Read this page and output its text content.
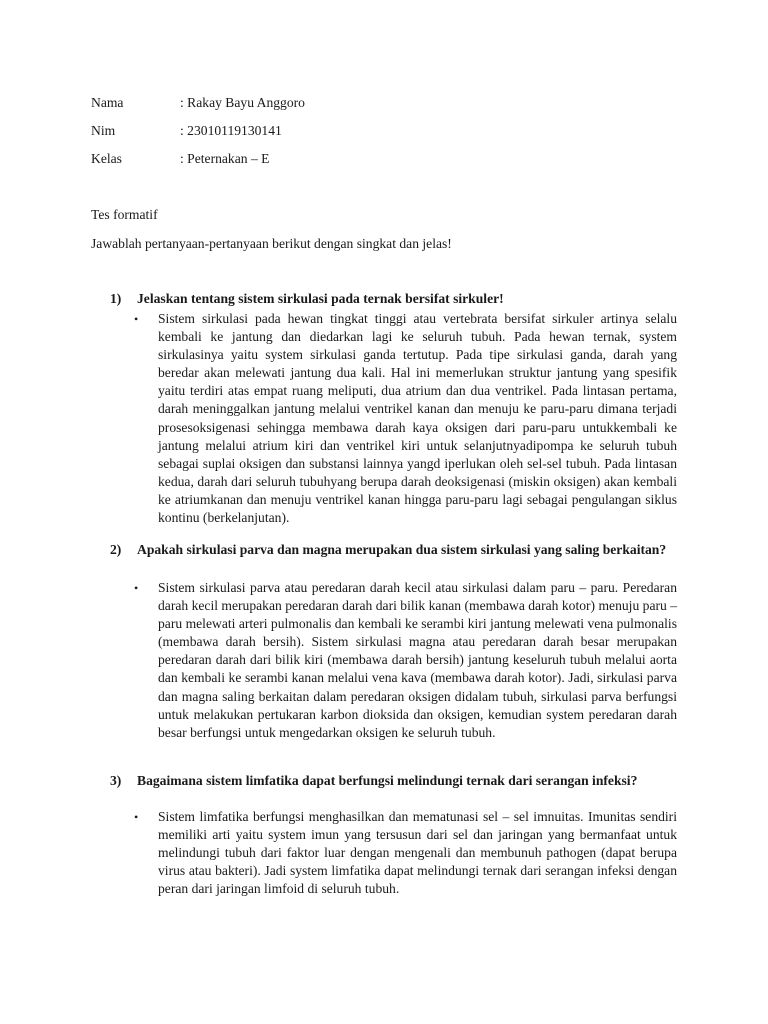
Nama	: Rakay Bayu Anggoro
Nim	: 23010119130141
Kelas	: Peternakan – E
Tes formatif
Jawablah pertanyaan-pertanyaan berikut dengan singkat dan jelas!
1) Jelaskan tentang sistem sirkulasi pada ternak bersifat sirkuler!
• Sistem sirkulasi pada hewan tingkat tinggi atau vertebrata bersifat sirkuler artinya selalu kembali ke jantung dan diedarkan lagi ke seluruh tubuh. Pada hewan ternak, system sirkulasinya yaitu system sirkulasi ganda tertutup. Pada tipe sirkulasi ganda, darah yang beredar akan melewati jantung dua kali. Hal ini memerlukan struktur jantung yang spesifik yaitu terdiri atas empat ruang meliputi, dua atrium dan dua ventrikel. Pada lintasan pertama, darah meninggalkan jantung melalui ventrikel kanan dan menuju ke paru-paru dimana terjadi prosesoksigenasi sehingga membawa darah kaya oksigen dari paru-paru untukkembali ke jantung melalui atrium kiri dan ventrikel kiri untuk selanjutnyadipompa ke seluruh tubuh sebagai suplai oksigen dan substansi lainnya yangd iperlukan oleh sel-sel tubuh. Pada lintasan kedua, darah dari seluruh tubuhyang berupa darah deoksigenasi (miskin oksigen) akan kembali ke atriumkanan dan menuju ventrikel kanan hingga paru-paru lagi sebagai pengulangan siklus kontinu (berkelanjutan).
2) Apakah sirkulasi parva dan magna merupakan dua sistem sirkulasi yang saling berkaitan?
• Sistem sirkulasi parva atau peredaran darah kecil atau sirkulasi dalam paru – paru. Peredaran darah kecil merupakan peredaran darah dari bilik kanan (membawa darah kotor) menuju paru – paru melewati arteri pulmonalis dan kembali ke serambi kiri jantung melewati vena pulmonalis (membawa darah bersih). Sistem sirkulasi magna atau peredaran darah besar merupakan peredaran darah dari bilik kiri (membawa darah bersih) jantung keseluruh tubuh melalui aorta dan kembali ke serambi kanan melalui vena kava (membawa darah kotor). Jadi, sirkulasi parva dan magna saling berkaitan dalam peredaran oksigen didalam tubuh, sirkulasi parva berfungsi untuk melakukan pertukaran karbon dioksida dan oksigen, kemudian system peredaran darah besar berfungsi untuk mengedarkan oksigen ke seluruh tubuh.
3) Bagaimana sistem limfatika dapat berfungsi melindungi ternak dari serangan infeksi?
• Sistem limfatika berfungsi menghasilkan dan mematunasi sel – sel imnuitas. Imunitas sendiri memiliki arti yaitu system imun yang tersusun dari sel dan jaringan yang bermanfaat untuk melindungi tubuh dari faktor luar dengan mengenali dan membunuh pathogen (dapat berupa virus atau bakteri). Jadi system limfatika dapat melindungi ternak dari serangan infeksi dengan peran dari jaringan limfoid di seluruh tubuh.
